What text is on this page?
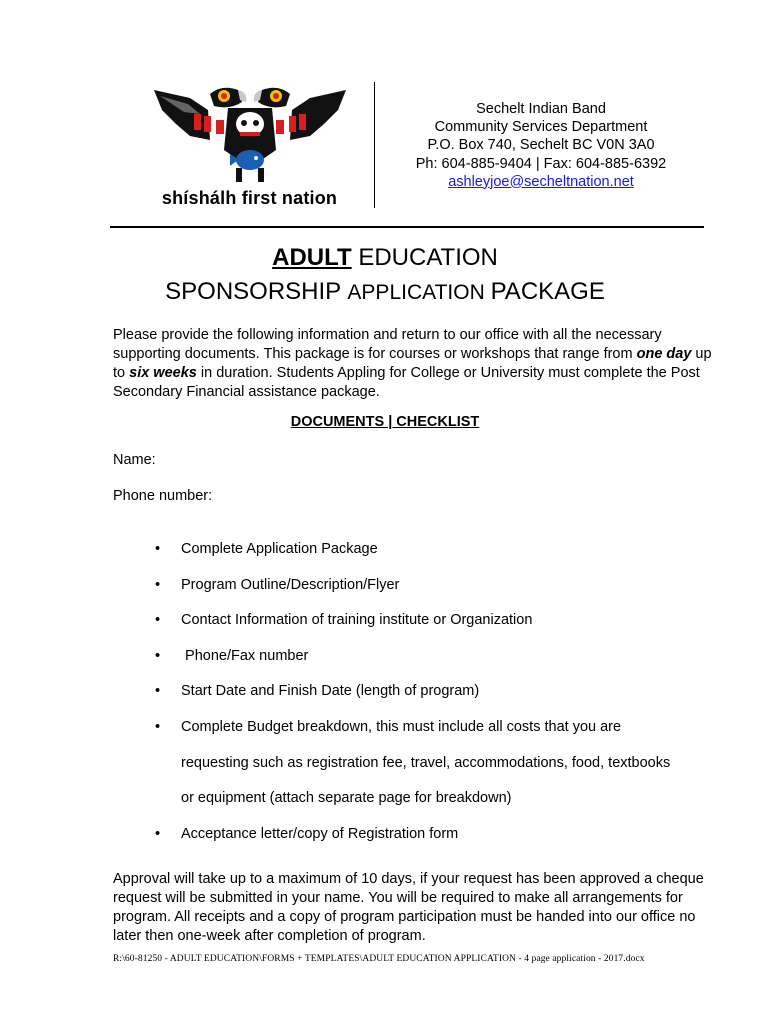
shíshálh first nation
Sechelt Indian Band
Community Services Department
P.O. Box 740, Sechelt BC V0N 3A0
Ph: 604-885-9404 | Fax: 604-885-6392
ashleyjoe@secheltnation.net
ADULT EDUCATION
SPONSORSHIP APPLICATION PACKAGE
Please provide the following information and return to our office with all the necessary supporting documents. This package is for courses or workshops that range from one day up to six weeks in duration. Students Appling for College or University must complete the Post Secondary Financial assistance package.
DOCUMENTS | CHECKLIST
Name:
Phone number:
• Complete Application Package
• Program Outline/Description/Flyer
• Contact Information of training institute or Organization
• Phone/Fax number
• Start Date and Finish Date (length of program)
• Complete Budget breakdown, this must include all costs that you are
requesting such as registration fee, travel, accommodations, food, textbooks
or equipment (attach separate page for breakdown)
• Acceptance letter/copy of Registration form
Approval will take up to a maximum of 10 days, if your request has been approved a cheque request will be submitted in your name. You will be required to make all arrangements for program. All receipts and a copy of program participation must be handed into our office no later then one-week after completion of program.
R:\60-81250 - ADULT EDUCATION\FORMS + TEMPLATES\ADULT EDUCATION APPLICATION - 4 page application - 2017.docx
